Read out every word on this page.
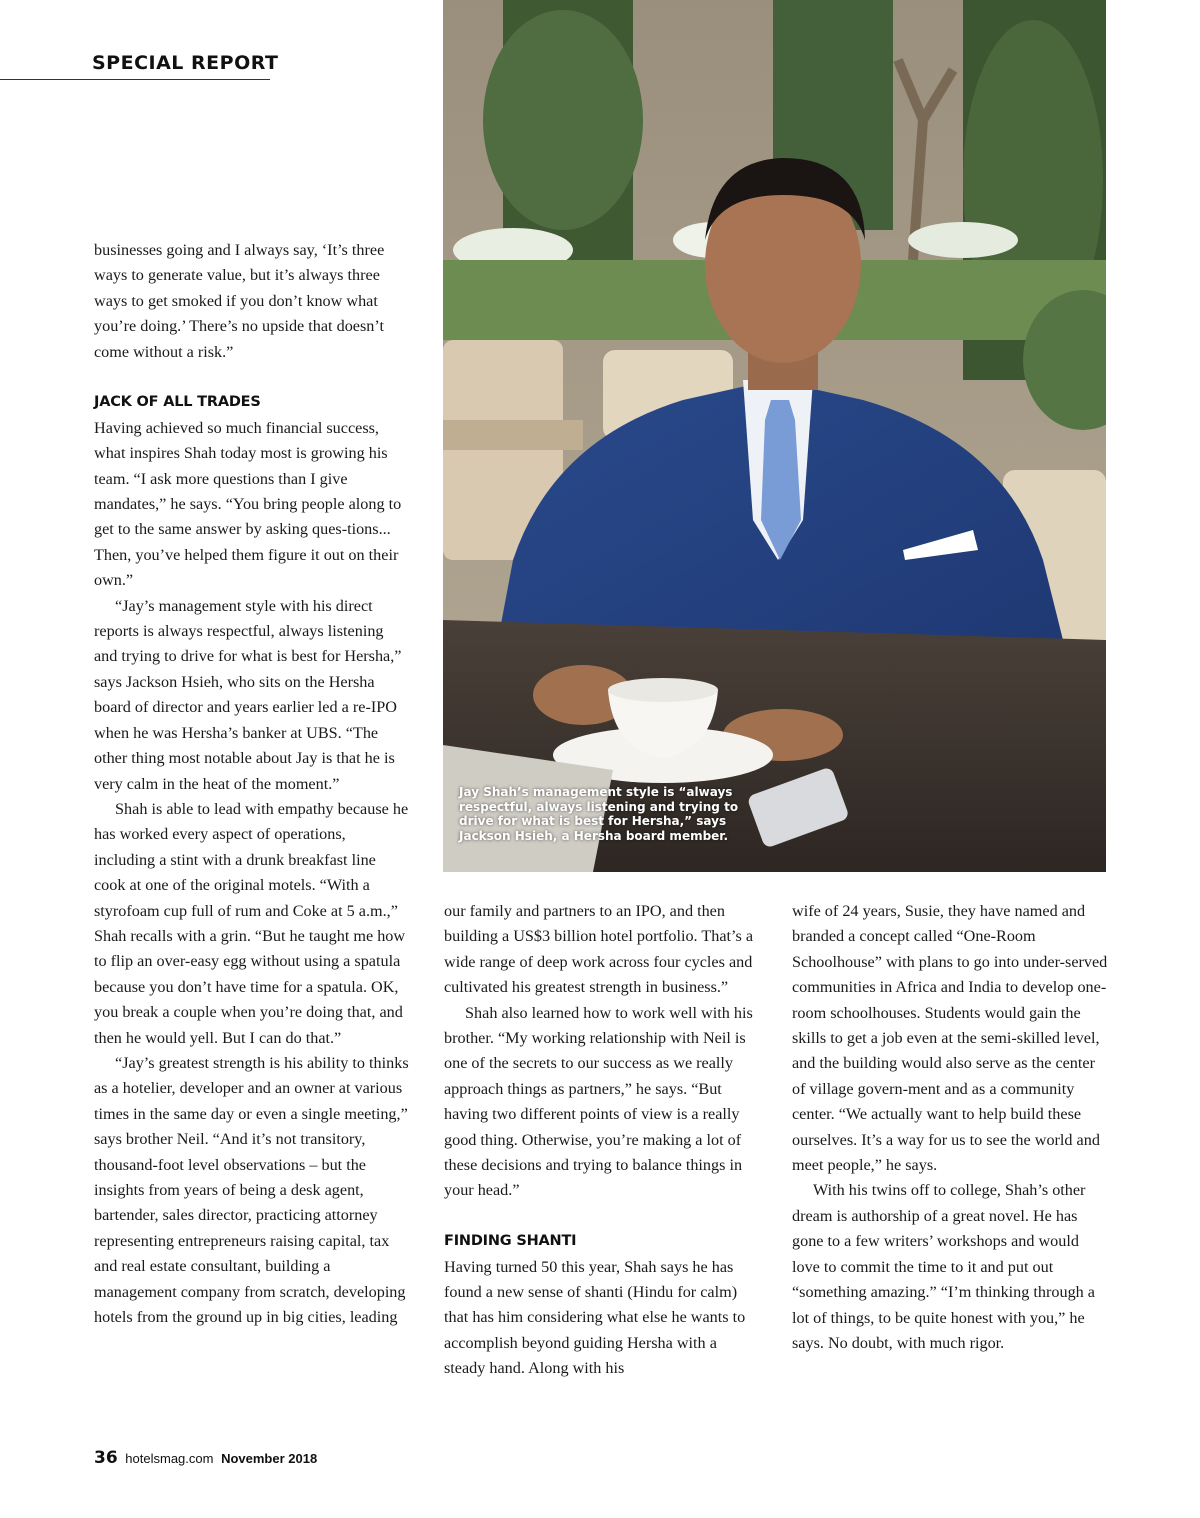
SPECIAL REPORT

businesses going and I always say, ‘It’s three ways to generate value, but it’s always three ways to get smoked if you don’t know what you’re doing.’ There’s no upside that doesn’t come without a risk.”

JACK OF ALL TRADES

Having achieved so much financial success, what inspires Shah today most is growing his team. “I ask more questions than I give mandates,” he says. “You bring people along to get to the same answer by asking ques-tions... Then, you’ve helped them figure it out on their own.”

“Jay’s management style with his direct reports is always respectful, always listening and trying to drive for what is best for Hersha,” says Jackson Hsieh, who sits on the Hersha board of director and years earlier led a re-IPO when he was Hersha’s banker at UBS. “The other thing most notable about Jay is that he is very calm in the heat of the moment.”

Shah is able to lead with empathy because he has worked every aspect of operations, including a stint with a drunk breakfast line cook at one of the original motels. “With a styrofoam cup full of rum and Coke at 5 a.m.,” Shah recalls with a grin. “But he taught me how to flip an over-easy egg without using a spatula because you don’t have time for a spatula. OK, you break a couple when you’re doing that, and then he would yell. But I can do that.”

“Jay’s greatest strength is his ability to thinks as a hotelier, developer and an owner at various times in the same day or even a single meeting,” says brother Neil. “And it’s not transitory, thousand-foot level observations – but the insights from years of being a desk agent, bartender, sales director, practicing attorney representing entrepreneurs raising capital, tax and real estate consultant, building a management company from scratch, developing hotels from the ground up in big cities, leading

Jay Shah’s management style is “always respectful, always listening and trying to drive for what is best for Hersha,” says Jackson Hsieh, a Hersha board member.

our family and partners to an IPO, and then building a US$3 billion hotel portfolio. That’s a wide range of deep work across four cycles and cultivated his greatest strength in business.”

Shah also learned how to work well with his brother. “My working relationship with Neil is one of the secrets to our success as we really approach things as partners,” he says. “But having two different points of view is a really good thing. Otherwise, you’re making a lot of these decisions and trying to balance things in your head.”

FINDING SHANTI

Having turned 50 this year, Shah says he has found a new sense of shanti (Hindu for calm) that has him considering what else he wants to accomplish beyond guiding Hersha with a steady hand. Along with his

wife of 24 years, Susie, they have named and branded a concept called “One-Room Schoolhouse” with plans to go into under-served communities in Africa and India to develop one-room schoolhouses. Students would gain the skills to get a job even at the semi-skilled level, and the building would also serve as the center of village govern-ment and as a community center. “We actually want to help build these ourselves. It’s a way for us to see the world and meet people,” he says.

With his twins off to college, Shah’s other dream is authorship of a great novel. He has gone to a few writers’ workshops and would love to commit the time to it and put out “something amazing.” “I’m thinking through a lot of things, to be quite honest with you,” he says. No doubt, with much rigor.

36 hotelsmag.com November 2018
